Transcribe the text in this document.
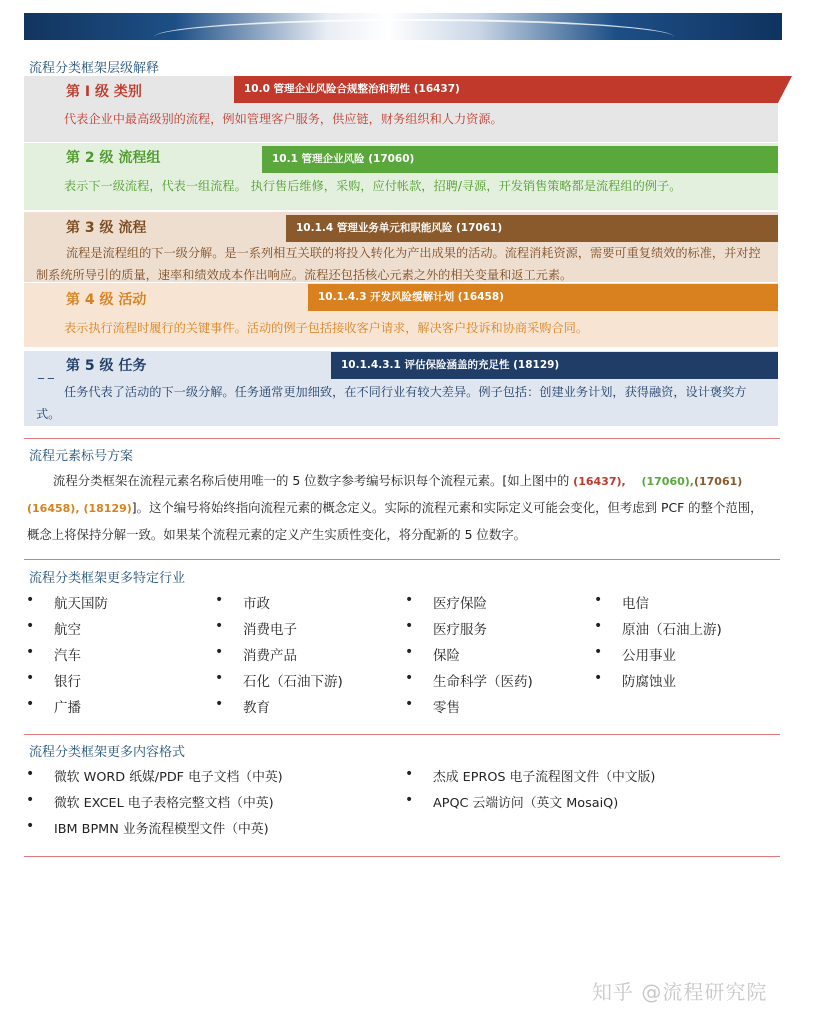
流程分类框架层级解释
第 I 级 类别	10.0 管理企业风险合规整治和韧性 (16437)
代表企业中最高级别的流程，例如管理客户服务，供应链，财务组织和人力资源。
第 2 级 流程组	10.1 管理企业风险 (17060)
表示下一级流程，代表一组流程。 执行售后维修，采购，应付帐款，招聘/寻源，开发销售策略都是流程组的例子。
第 3 级 流程	10.1.4 管理业务单元和职能风险 (17061)
流程是流程组的下一级分解。是一系列相互关联的将投入转化为产出成果的活动。流程消耗资源，需要可重复绩效的标准，并对控制系统所导引的质量，速率和绩效成本作出响应。流程还包括核心元素之外的相关变量和返工元素。
第 4 级 活动	10.1.4.3 开发风险缓解计划 (16458)
表示执行流程时履行的关键事件。活动的例子包括接收客户请求，解决客户投诉和协商采购合同。
_ _ 第 5 级 任务	10.1.4.3.1 评估保险涵盖的充足性 (18129)
任务代表了活动的下一级分解。任务通常更加细致，在不同行业有较大差异。例子包括：创建业务计划，获得融资，设计褒奖方式。
流程元素标号方案
流程分类框架在流程元素名称后使用唯一的 5 位数字参考编号标识每个流程元素。[如上图中的 (16437), (17060),(17061) (16458), (18129)]。这个编号将始终指向流程元素的概念定义。实际的流程元素和实际定义可能会变化，但考虑到 PCF 的整个范围，概念上将保持分解一致。如果某个流程元素的定义产生实质性变化，将分配新的 5 位数字。
流程分类框架更多特定行业
• 航天国防
• 航空
• 汽车
• 银行
• 广播
• 市政
• 消费电子
• 消费产品
• 石化（石油下游)
• 教育
• 医疗保险
• 医疗服务
• 保险
• 生命科学（医药)
• 零售
• 电信
• 原油（石油上游)
• 公用事业
• 防腐蚀业
流程分类框架更多内容格式
• 微软 WORD 纸媒/PDF 电子文档（中英)
• 微软 EXCEL 电子表格完整文档（中英)
• IBM BPMN 业务流程模型文件（中英)
• 杰成 EPROS 电子流程图文件（中文版)
• APQC 云端访问（英文 MosaiQ)
知乎 @流程研究院
